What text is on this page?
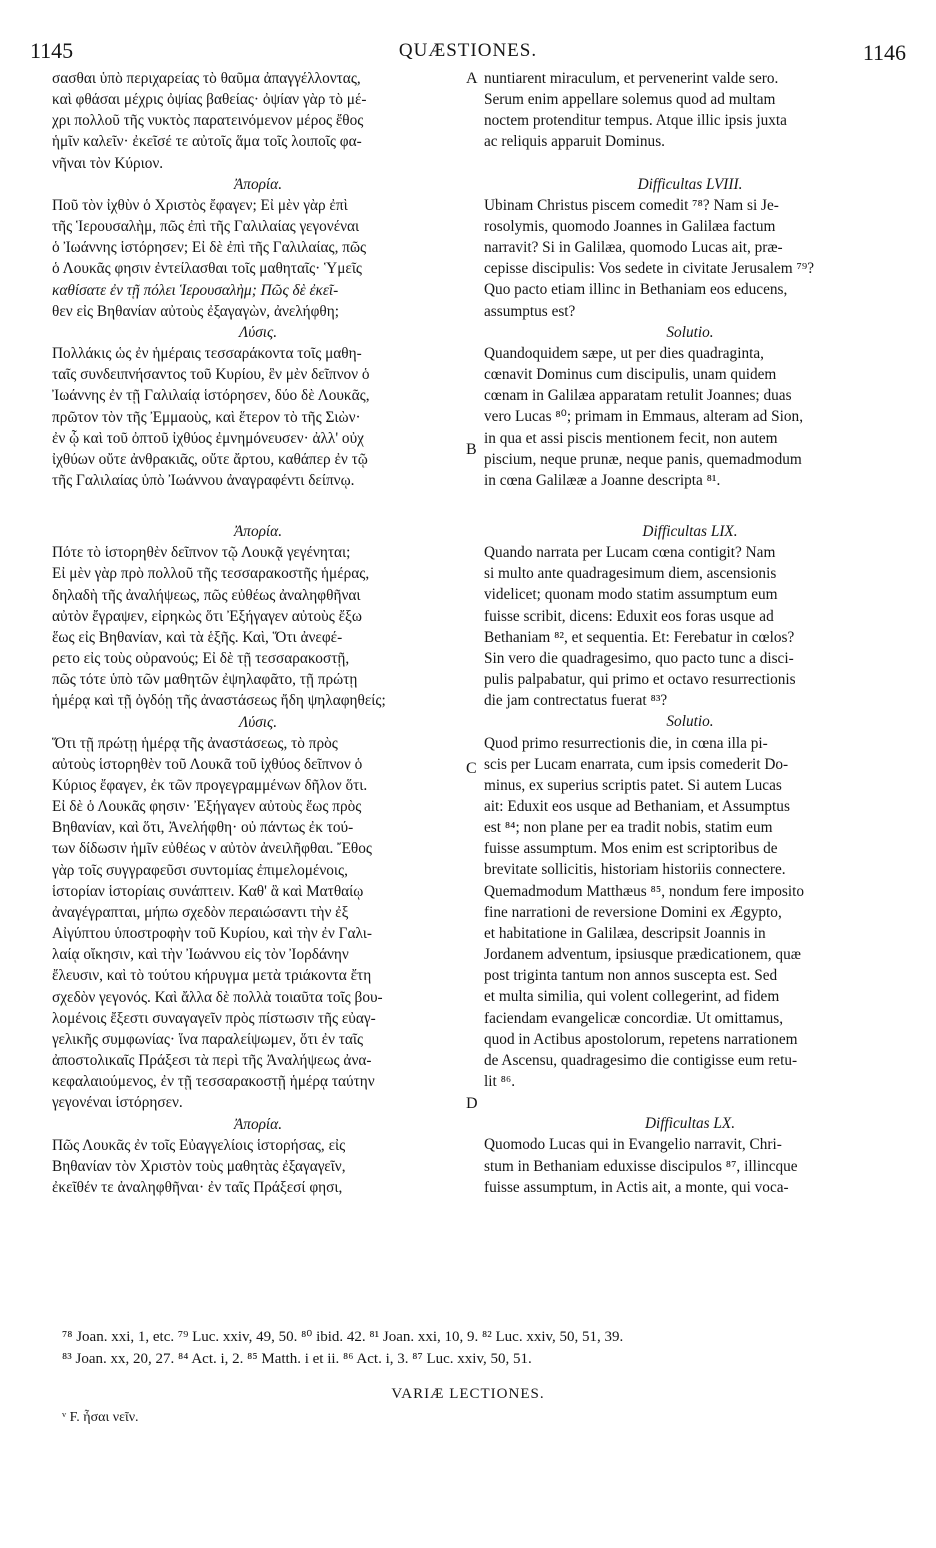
1145	QUÆSTIONES.	1146
A
B
C
D

σασθαι ὑπὸ περιχαρείας τὸ θαῦμα ἀπαγγέλλοντας,

καὶ φθάσαι μέχρις ὀψίας βαθείας· ὀψίαν γὰρ τὸ μέ-

χρι πολλοῦ τῆς νυκτὸς παρατεινόμενον μέρος ἔθος

ἡμῖν καλεῖν· ἐκεῖσέ τε αὐτοῖς ἅμα τοῖς λοιποῖς φα-

νῆναι τὸν Κύριον.

Ἀπορία.

Ποῦ τὸν ἰχθὺν ὁ Χριστὸς ἔφαγεν; Εἰ μὲν γὰρ ἐπὶ

τῆς Ἱερουσαλὴμ, πῶς ἐπὶ τῆς Γαλιλαίας γεγονέναι

ὁ Ἰωάννης ἱστόρησεν; Εἰ δὲ ἐπὶ τῆς Γαλιλαίας, πῶς

ὁ Λουκᾶς φησιν ἐντείλασθαι τοῖς μαθηταῖς· Ὑμεῖς

καθίσατε ἐν τῇ πόλει Ἱερουσαλὴμ; Πῶς δὲ ἐκεῖ-

θεν εἰς Βηθανίαν αὐτοὺς ἐξαγαγὼν, ἀνελήφθη;

Λύσις.

Πολλάκις ὡς ἐν ἡμέραις τεσσαράκοντα τοῖς μαθη-

ταῖς συνδειπνήσαντος τοῦ Κυρίου, ἓν μὲν δεῖπνον ὁ

Ἰωάννης ἐν τῇ Γαλιλαίᾳ ἱστόρησεν, δύο δὲ Λουκᾶς,

πρῶτον τὸν τῆς Ἐμμαοὺς, καὶ ἕτερον τὸ τῆς Σιὼν·

ἐν ᾧ καὶ τοῦ ὀπτοῦ ἰχθύος ἐμνημόνευσεν· ἀλλ' οὐχ

ἰχθύων οὔτε ἀνθρακιᾶς, οὔτε ἄρτου, καθάπερ ἐν τῷ

τῆς Γαλιλαίας ὑπὸ Ἰωάννου ἀναγραφέντι δείπνῳ.

Ἀπορία.

Πότε τὸ ἱστορηθὲν δεῖπνον τῷ Λουκᾷ γεγένηται;

Εἰ μὲν γὰρ πρὸ πολλοῦ τῆς τεσσαρακοστῆς ἡμέρας,

δηλαδὴ τῆς ἀναλήψεως, πῶς εὐθέως ἀναληφθῆναι

αὐτὸν ἔγραψεν, εἰρηκὼς ὅτι Ἐξήγαγεν αὐτοὺς ἔξω

ἕως εἰς Βηθανίαν, καὶ τὰ ἑξῆς. Καὶ, Ὅτι ἀνεφέ-

ρετο εἰς τοὺς οὐρανούς; Εἰ δὲ τῇ τεσσαρακοστῇ,

πῶς τότε ὑπὸ τῶν μαθητῶν ἐψηλαφᾶτο, τῇ πρώτῃ

ἡμέρᾳ καὶ τῇ ὀγδόῃ τῆς ἀναστάσεως ἤδη ψηλαφηθείς;

Λύσις.

Ὅτι τῇ πρώτῃ ἡμέρᾳ τῆς ἀναστάσεως, τὸ πρὸς

αὐτοὺς ἱστορηθὲν τοῦ Λουκᾶ τοῦ ἰχθύος δεῖπνον ὁ

Κύριος ἔφαγεν, ἐκ τῶν προγεγραμμένων δῆλον ὅτι.

Εἰ δὲ ὁ Λουκᾶς φησιν· Ἐξήγαγεν αὐτοὺς ἕως πρὸς

Βηθανίαν, καὶ ὅτι, Ἀνελήφθη· οὐ πάντως ἐκ τού-

των δίδωσιν ἡμῖν εὐθέως ν αὐτὸν ἀνειλῆφθαι. Ἔθος

γὰρ τοῖς συγγραφεῦσι συντομίας ἐπιμελομένοις,

ἱστορίαν ἱστορίαις συνάπτειν. Καθ' ἃ καὶ Ματθαίῳ

ἀναγέγραπται, μήπω σχεδὸν περαιώσαντι τὴν ἐξ

Αἰγύπτου ὑποστροφὴν τοῦ Κυρίου, καὶ τὴν ἐν Γαλι-

λαίᾳ οἴκησιν, καὶ τὴν Ἰωάννου εἰς τὸν Ἰορδάνην

ἔλευσιν, καὶ τὸ τούτου κήρυγμα μετὰ τριάκοντα ἔτη

σχεδὸν γεγονός. Καὶ ἄλλα δὲ πολλὰ τοιαῦτα τοῖς βου-

λομένοις ἔξεστι συναγαγεῖν πρὸς πίστωσιν τῆς εὐαγ-

γελικῆς συμφωνίας· ἵνα παραλείψωμεν, ὅτι ἐν ταῖς

ἀποστολικαῖς Πράξεσι τὰ περὶ τῆς Ἀναλήψεως ἀνα-

κεφαλαιούμενος, ἐν τῇ τεσσαρακοστῇ ἡμέρᾳ ταύτην

γεγονέναι ἱστόρησεν.

Ἀπορία.

Πῶς Λουκᾶς ἐν τοῖς Εὐαγγελίοις ἱστορήσας, εἰς

Βηθανίαν τὸν Χριστὸν τοὺς μαθητὰς ἐξαγαγεῖν,

ἐκεῖθέν τε ἀναληφθῆναι· ἐν ταῖς Πράξεσί φησι,

nuntiarent miraculum, et pervenerint valde sero.

Serum enim appellare solemus quod ad multam

noctem protenditur tempus. Atque illic ipsis juxta

ac reliquis apparuit Dominus.

Difficultas LVIII.

Ubinam Christus piscem comedit ⁷⁸? Nam si Je-

rosolymis, quomodo Joannes in Galilæa factum

narravit? Si in Galilæa, quomodo Lucas ait, præ-

cepisse discipulis: Vos sedete in civitate Jerusalem ⁷⁹?

Quo pacto etiam illinc in Bethaniam eos educens,

assumptus est?

Solutio.

Quandoquidem sæpe, ut per dies quadraginta,

cœnavit Dominus cum discipulis, unam quidem

cœnam in Galilæa apparatam retulit Joannes; duas

vero Lucas ⁸⁰; primam in Emmaus, alteram ad Sion,

in qua et assi piscis mentionem fecit, non autem

piscium, neque prunæ, neque panis, quemadmodum

in cœna Galilææ a Joanne descripta ⁸¹.

Difficultas LIX.

Quando narrata per Lucam cœna contigit? Nam

si multo ante quadragesimum diem, ascensionis

videlicet; quonam modo statim assumptum eum

fuisse scribit, dicens: Eduxit eos foras usque ad

Bethaniam ⁸², et sequentia. Et: Ferebatur in cœlos?

Sin vero die quadragesimo, quo pacto tunc a disci-

pulis palpabatur, qui primo et octavo resurrectionis

die jam contrectatus fuerat ⁸³?

Solutio.

Quod primo resurrectionis die, in cœna illa pi-

scis per Lucam enarrata, cum ipsis comederit Do-

minus, ex superius scriptis patet. Si autem Lucas

ait: Eduxit eos usque ad Bethaniam, et Assumptus

est ⁸⁴; non plane per ea tradit nobis, statim eum

fuisse assumptum. Mos enim est scriptoribus de

brevitate sollicitis, historiam historiis connectere.

Quemadmodum Matthæus ⁸⁵, nondum fere imposito

fine narrationi de reversione Domini ex Ægypto,

et habitatione in Galilæa, descripsit Joannis in

Jordanem adventum, ipsiusque prædicationem, quæ

post triginta tantum non annos suscepta est. Sed

et multa similia, qui volent collegerint, ad fidem

faciendam evangelicæ concordiæ. Ut omittamus,

quod in Actibus apostolorum, repetens narrationem

de Ascensu, quadragesimo die contigisse eum retu-

lit ⁸⁶.

Difficultas LX.

Quomodo Lucas qui in Evangelio narravit, Chri-

stum in Bethaniam eduxisse discipulos ⁸⁷, illincque

fuisse assumptum, in Actis ait, a monte, qui voca-

⁷⁸ Joan. xxi, 1, etc. ⁷⁹ Luc. xxiv, 49, 50. ⁸⁰ ibid. 42. ⁸¹ Joan. xxi, 10, 9. ⁸² Luc. xxiv, 50, 51, 39.
⁸³ Joan. xx, 20, 27. ⁸⁴ Act. i, 2. ⁸⁵ Matth. i et ii. ⁸⁶ Act. i, 3. ⁸⁷ Luc. xxiv, 50, 51.
VARIÆ LECTIONES.
ᵛ F. ἦσαι νεῖν.
